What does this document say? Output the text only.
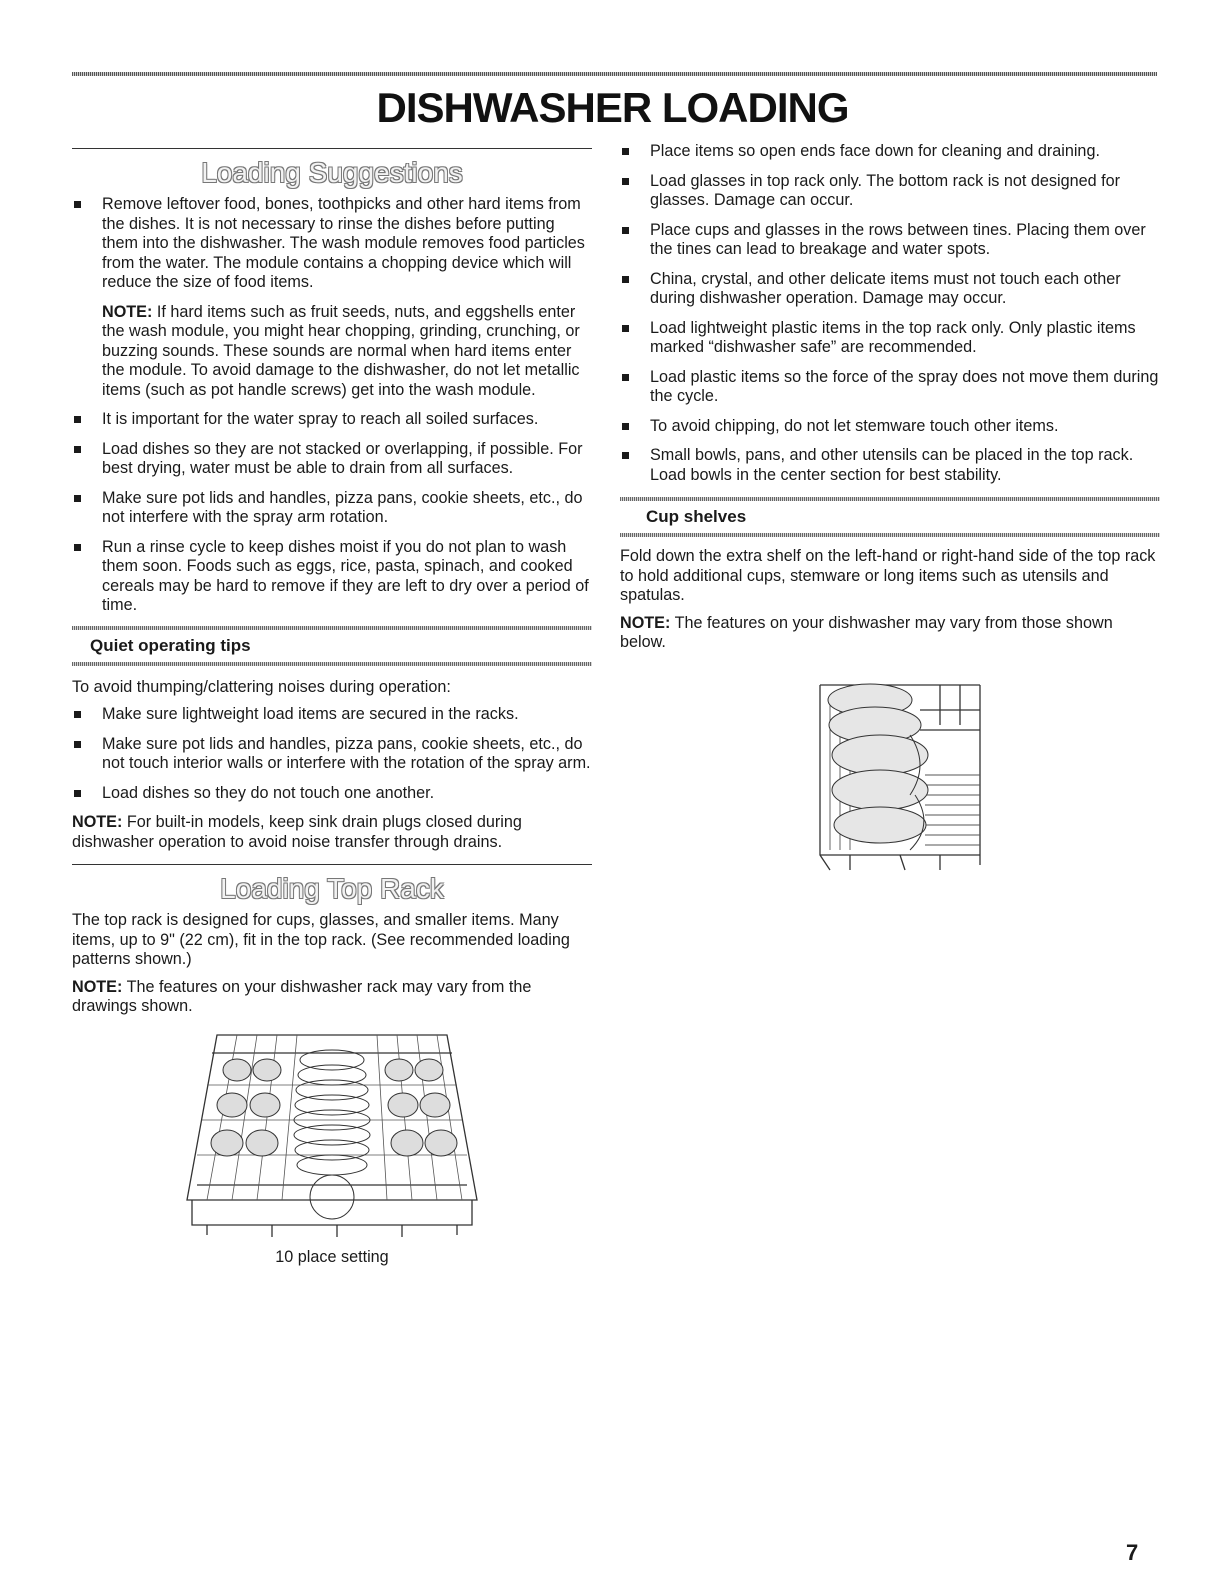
DISHWASHER LOADING
Loading Suggestions
Remove leftover food, bones, toothpicks and other hard items from the dishes. It is not necessary to rinse the dishes before putting them into the dishwasher. The wash module removes food particles from the water. The module contains a chopping device which will reduce the size of food items.
NOTE: If hard items such as fruit seeds, nuts, and eggshells enter the wash module, you might hear chopping, grinding, crunching, or buzzing sounds. These sounds are normal when hard items enter the module. To avoid damage to the dishwasher, do not let metallic items (such as pot handle screws) get into the wash module.
It is important for the water spray to reach all soiled surfaces.
Load dishes so they are not stacked or overlapping, if possible. For best drying, water must be able to drain from all surfaces.
Make sure pot lids and handles, pizza pans, cookie sheets, etc., do not interfere with the spray arm rotation.
Run a rinse cycle to keep dishes moist if you do not plan to wash them soon. Foods such as eggs, rice, pasta, spinach, and cooked cereals may be hard to remove if they are left to dry over a period of time.
Quiet operating tips

To avoid thumping/clattering noises during operation:

Make sure lightweight load items are secured in the racks.
Make sure pot lids and handles, pizza pans, cookie sheets, etc., do not touch interior walls or interfere with the rotation of the spray arm.
Load dishes so they do not touch one another.

NOTE: For built-in models, keep sink drain plugs closed during dishwasher operation to avoid noise transfer through drains.

Loading Top Rack

The top rack is designed for cups, glasses, and smaller items. Many items, up to 9" (22 cm), fit in the top rack. (See recommended loading patterns shown.)

NOTE: The features on your dishwasher rack may vary from the drawings shown.

10 place setting
Place items so open ends face down for cleaning and draining.
Load glasses in top rack only. The bottom rack is not designed for glasses. Damage can occur.
Place cups and glasses in the rows between tines. Placing them over the tines can lead to breakage and water spots.
China, crystal, and other delicate items must not touch each other during dishwasher operation. Damage may occur.
Load lightweight plastic items in the top rack only. Only plastic items marked “dishwasher safe” are recommended.
Load plastic items so the force of the spray does not move them during the cycle.
To avoid chipping, do not let stemware touch other items.
Small bowls, pans, and other utensils can be placed in the top rack. Load bowls in the center section for best stability.
Cup shelves

Fold down the extra shelf on the left-hand or right-hand side of the top rack to hold additional cups, stemware or long items such as utensils and spatulas.

NOTE: The features on your dishwasher may vary from those shown below.

7
